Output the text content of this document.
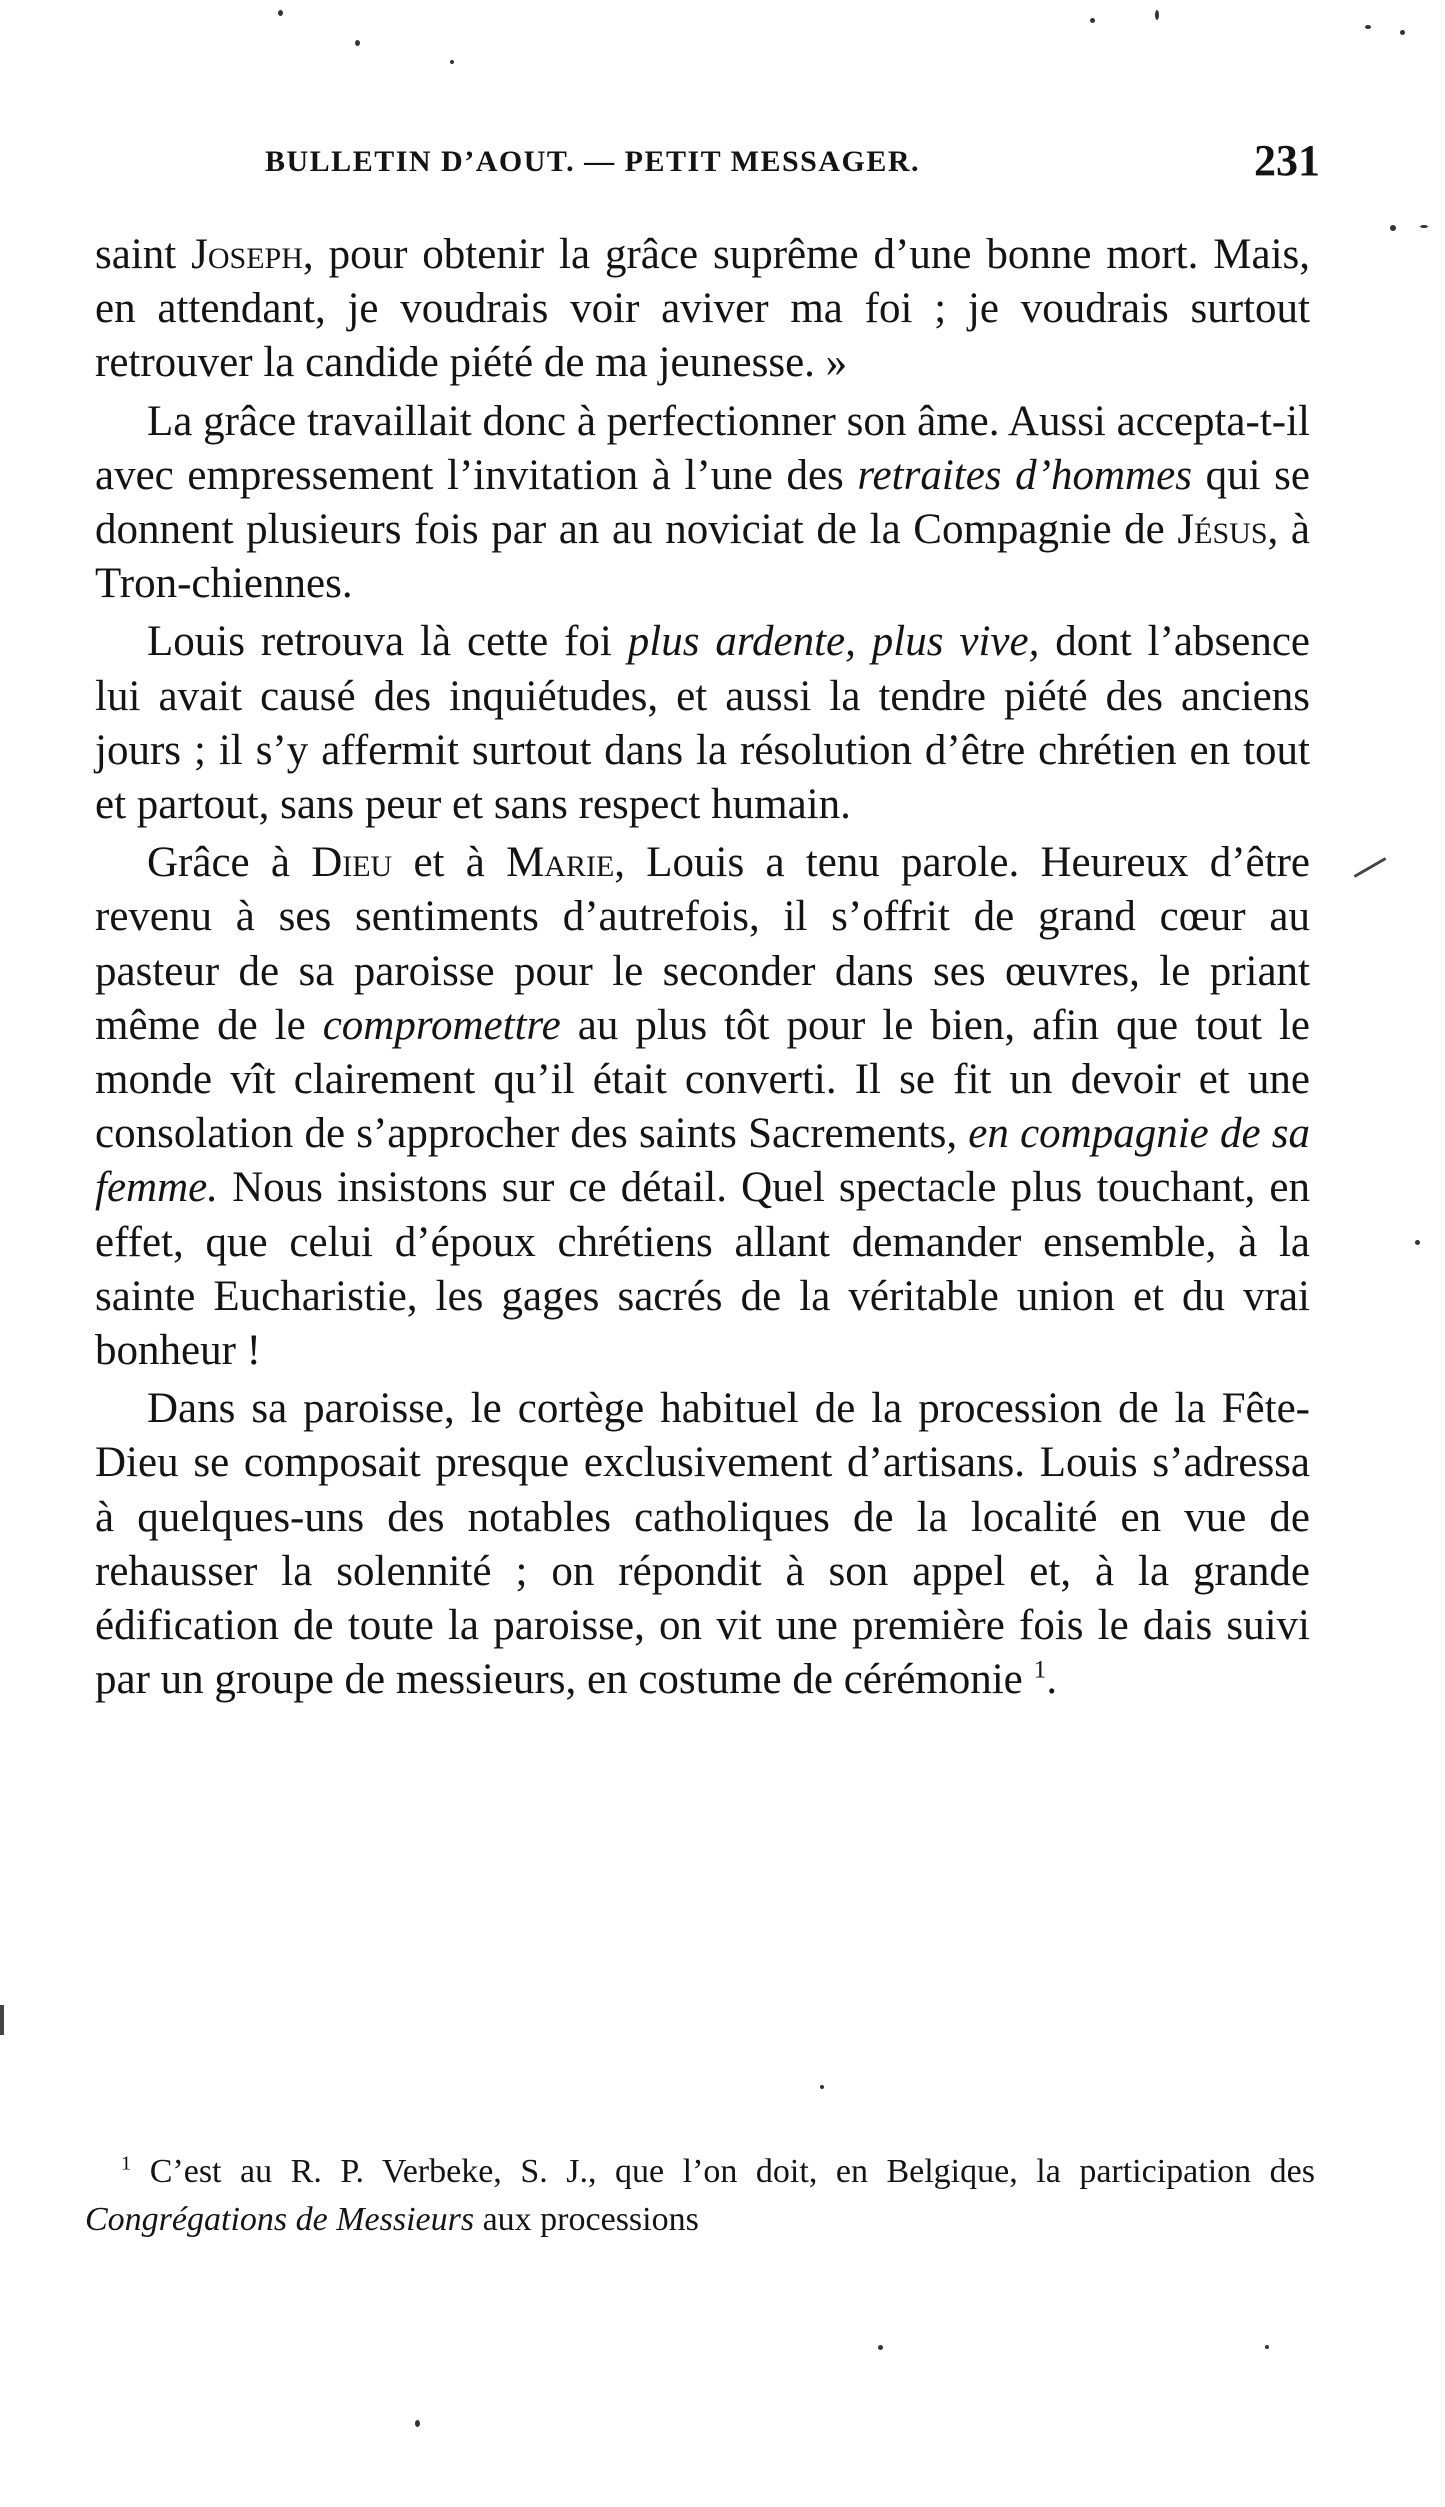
BULLETIN D’AOUT. — PETIT MESSAGER.	231

saint Joseph, pour obtenir la grâce suprême d’une bonne mort. Mais, en attendant, je voudrais voir aviver ma foi ; je voudrais surtout retrouver la candide piété de ma jeunesse. »

La grâce travaillait donc à perfectionner son âme. Aussi accepta-t-il avec empressement l’invitation à l’une des retraites d’hommes qui se donnent plusieurs fois par an au noviciat de la Compagnie de Jésus, à Tron-chiennes.

Louis retrouva là cette foi plus ardente, plus vive, dont l’absence lui avait causé des inquiétudes, et aussi la tendre piété des anciens jours ; il s’y affermit surtout dans la résolution d’être chrétien en tout et partout, sans peur et sans respect humain.

Grâce à Dieu et à Marie, Louis a tenu parole. Heureux d’être revenu à ses sentiments d’autrefois, il s’offrit de grand cœur au pasteur de sa paroisse pour le seconder dans ses œuvres, le priant même de le compromettre au plus tôt pour le bien, afin que tout le monde vît clairement qu’il était converti. Il se fit un devoir et une consolation de s’approcher des saints Sacrements, en compagnie de sa femme. Nous insistons sur ce détail. Quel spectacle plus touchant, en effet, que celui d’époux chrétiens allant demander ensemble, à la sainte Eucharistie, les gages sacrés de la véritable union et du vrai bonheur !

Dans sa paroisse, le cortège habituel de la procession de la Fête-Dieu se composait presque exclusivement d’artisans. Louis s’adressa à quelques-uns des notables catholiques de la localité en vue de rehausser la solennité ; on répondit à son appel et, à la grande édification de toute la paroisse, on vit une première fois le dais suivi par un groupe de messieurs, en costume de cérémonie $^1$.

$^1$ C’est au R. P. Verbeke, S. J., que l’on doit, en Belgique, la participation des Congrégations de Messieurs aux processions
